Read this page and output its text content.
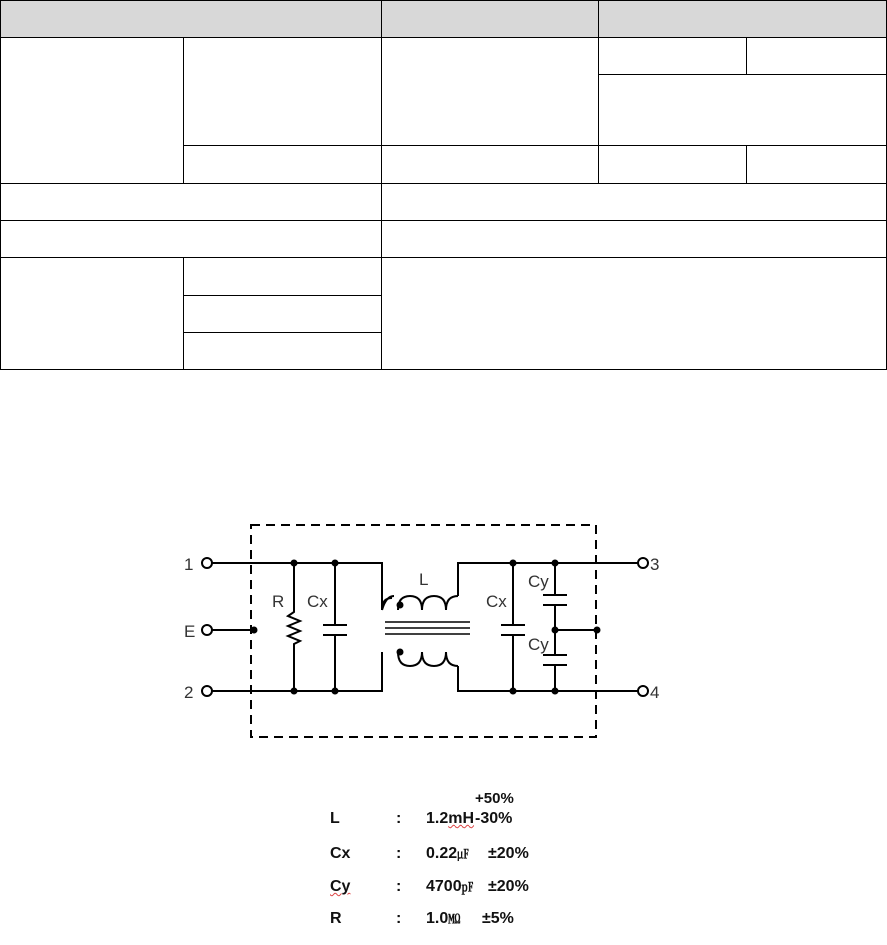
1
E
2
3
4
R Cx
L
Cx
Cy
Cy
+50%
L	: 1.2mH -30%
Cx	: 0.22㎌ ±20%
Cy	: 4700㎊ ±20%
R	: 1.0㏁ ±5%
